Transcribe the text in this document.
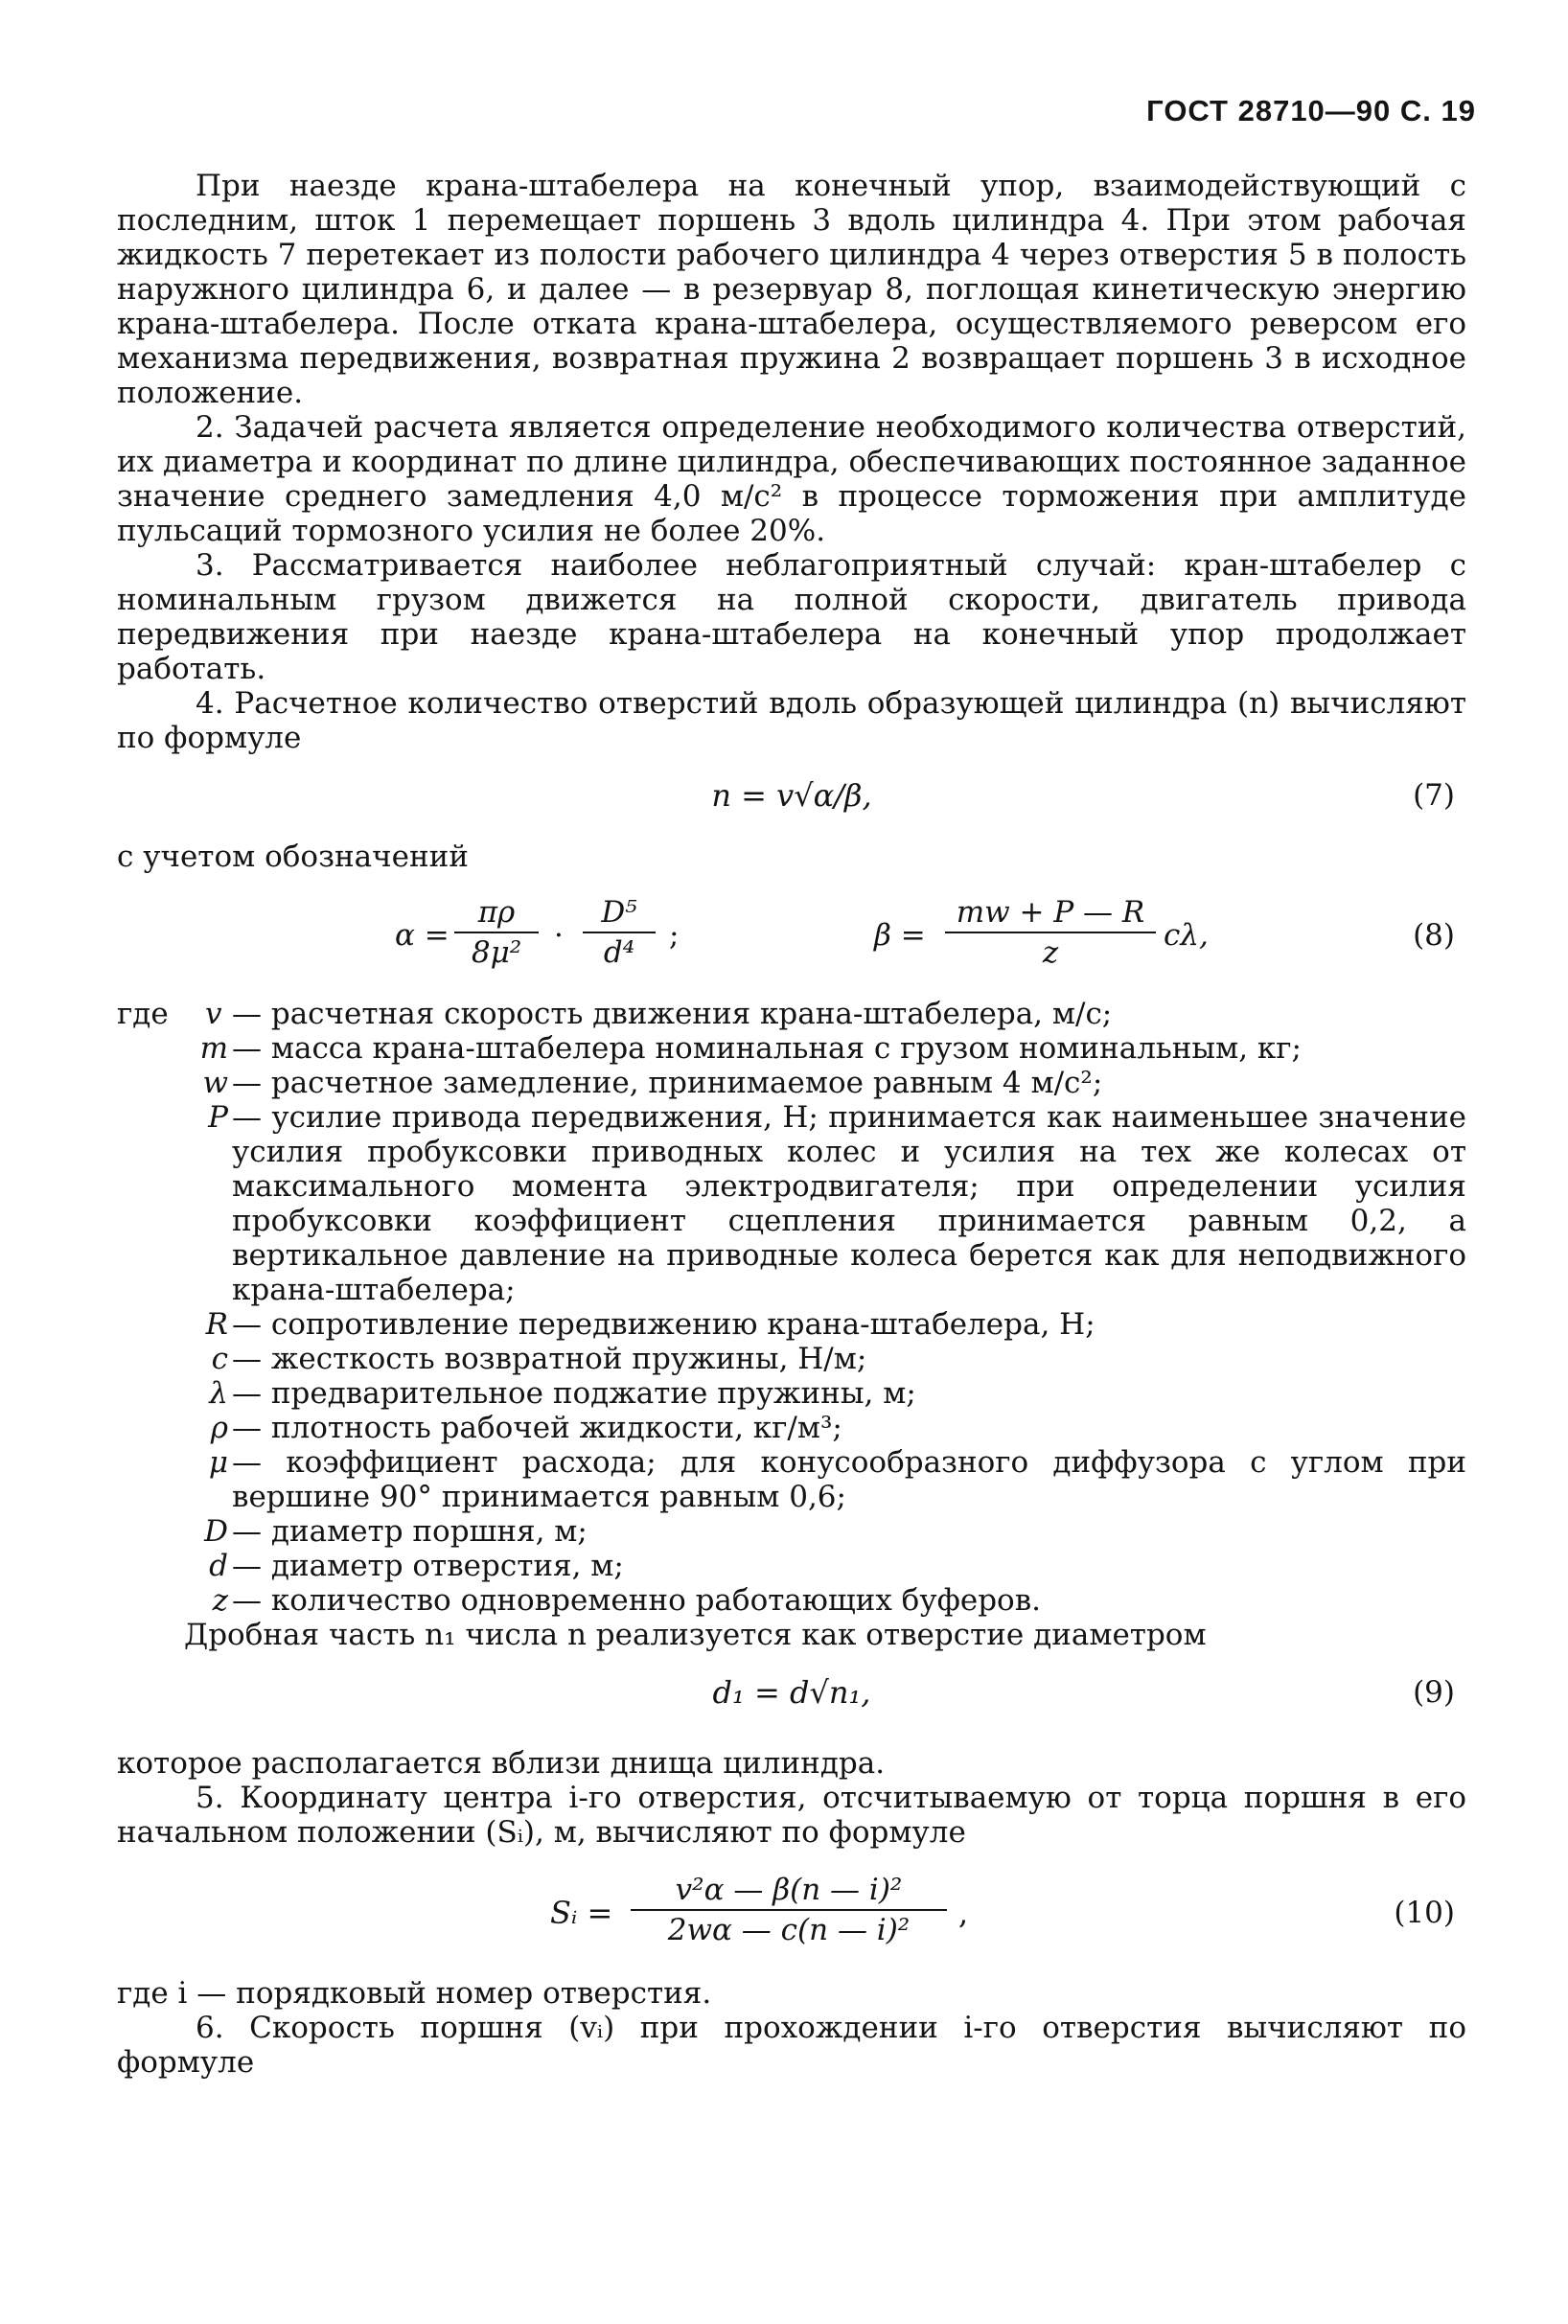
ГОСТ 28710—90 С. 19

При наезде крана-штабелера на конечный упор, взаимодействующий с последним, шток 1 перемещает поршень 3 вдоль цилиндра 4. При этом рабочая жидкость 7 перетекает из полости рабочего цилиндра 4 через отверстия 5 в полость наружного цилиндра 6, и далее — в резервуар 8, поглощая кинетическую энергию крана-штабелера. После отката крана-штабелера, осуществляемого реверсом его механизма передвижения, возвратная пружина 2 возвращает поршень 3 в исходное положение.

2. Задачей расчета является определение необходимого количества отверстий, их диаметра и координат по длине цилиндра, обеспечивающих постоянное заданное значение среднего замедления 4,0 м/с² в процессе торможения при амплитуде пульсаций тормозного усилия не более 20%.

3. Рассматривается наиболее неблагоприятный случай: кран-штабелер с номинальным грузом движется на полной скорости, двигатель привода передвижения при наезде крана-штабелера на конечный упор продолжает работать.

4. Расчетное количество отверстий вдоль образующей цилиндра (n) вычисляют по формуле

n = v√α/β,	(7)

с учетом обозначений

$\alpha = \frac{\pi\rho}{\text{8μ²}} \cdot \frac{\text{D⁵}}{\text{d⁴}}$ ;	$\beta = \frac{mw + P — R}{z} c\lambda$,	(8)
где	v — расчетная скорость движения крана-штабелера, м/с;
m — масса крана-штабелера номинальная с грузом номинальным, кг;
w — расчетное замедление, принимаемое равным 4 м/с²;
P — усилие привода передвижения, Н; принимается как наименьшее значение усилия пробуксовки приводных колес и усилия на тех же колесах от максимального момента электродвигателя; при определении усилия пробуксовки коэффициент сцепления принимается равным 0,2, а вертикальное давление на приводные колеса берется как для неподвижного крана-штабелера;
R — сопротивление передвижению крана-штабелера, Н;
c — жесткость возвратной пружины, Н/м;
λ — предварительное поджатие пружины, м;
ρ — плотность рабочей жидкости, кг/м³;
μ — коэффициент расхода; для конусообразного диффузора с углом при вершине 90° принимается равным 0,6;
D — диаметр поршня, м;
d — диаметр отверстия, м;
z — количество одновременно работающих буферов.

Дробная часть n₁ числа n реализуется как отверстие диаметром

d₁ = d√n₁,	(9)

которое располагается вблизи днища цилиндра.

5. Координату центра i-го отверстия, отсчитываемую от торца поршня в его начальном положении (Sᵢ), м, вычисляют по формуле

Sᵢ = $\frac{\text{v²α — β(n — i)²}}{\text{2wα — c(n — i)²}}$ ,	(10)

где i — порядковый номер отверстия.

6. Скорость поршня (vᵢ) при прохождении i-го отверстия вычисляют по формуле
